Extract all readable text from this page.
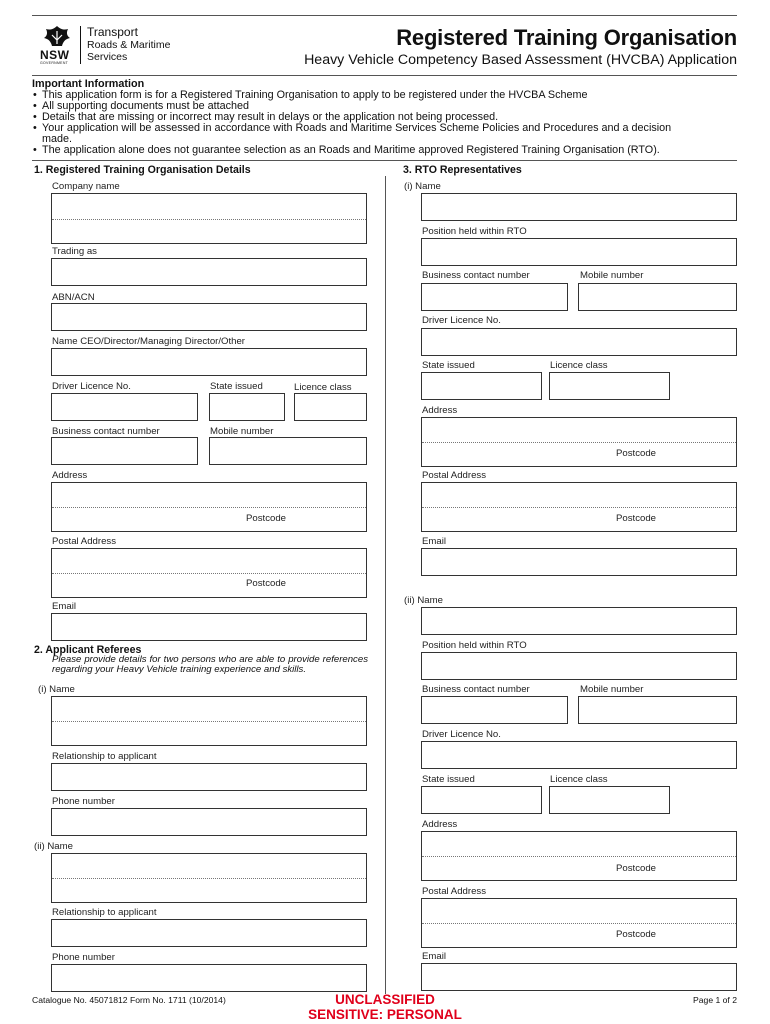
NSW
GOVERNMENT
Transport
Roads & Maritime
Services
Registered Training Organisation
Heavy Vehicle Competency Based Assessment (HVCBA) Application
Important Information
• This application form is for a Registered Training Organisation to apply to be registered under the HVCBA Scheme
• All supporting documents must be attached
• Details that are missing or incorrect may result in delays or the application not being processed.
• Your application will be assessed in accordance with Roads and Maritime Services Scheme Policies and Procedures and a decision made.
• The application alone does not guarantee selection as an Roads and Maritime approved Registered Training Organisation (RTO).
1. Registered Training Organisation Details
Company name
Trading as
ABN/ACN
Name CEO/Director/Managing Director/Other
Driver Licence No.	State issued	Licence class
Business contact number	Mobile number
Address
Postcode
Postal Address
Postcode
Email
2. Applicant Referees
Please provide details for two persons who are able to provide references regarding your Heavy Vehicle training experience and skills.
(i) Name
Relationship to applicant
Phone number
(ii) Name
Relationship to applicant
Phone number
3. RTO Representatives
(i) Name
Position held within RTO
Business contact number	Mobile number
Driver Licence No.
State issued	Licence class
Address
Postcode
Postal Address
Postcode
Email
(ii) Name
Position held within RTO
Business contact number	Mobile number
Driver Licence No.
State issued	Licence class
Address
Postcode
Postal Address
Postcode
Email
Catalogue No. 45071812 Form No. 1711 (10/2014)	UNCLASSIFIED
SENSITIVE: PERSONAL
Page 1 of 2
